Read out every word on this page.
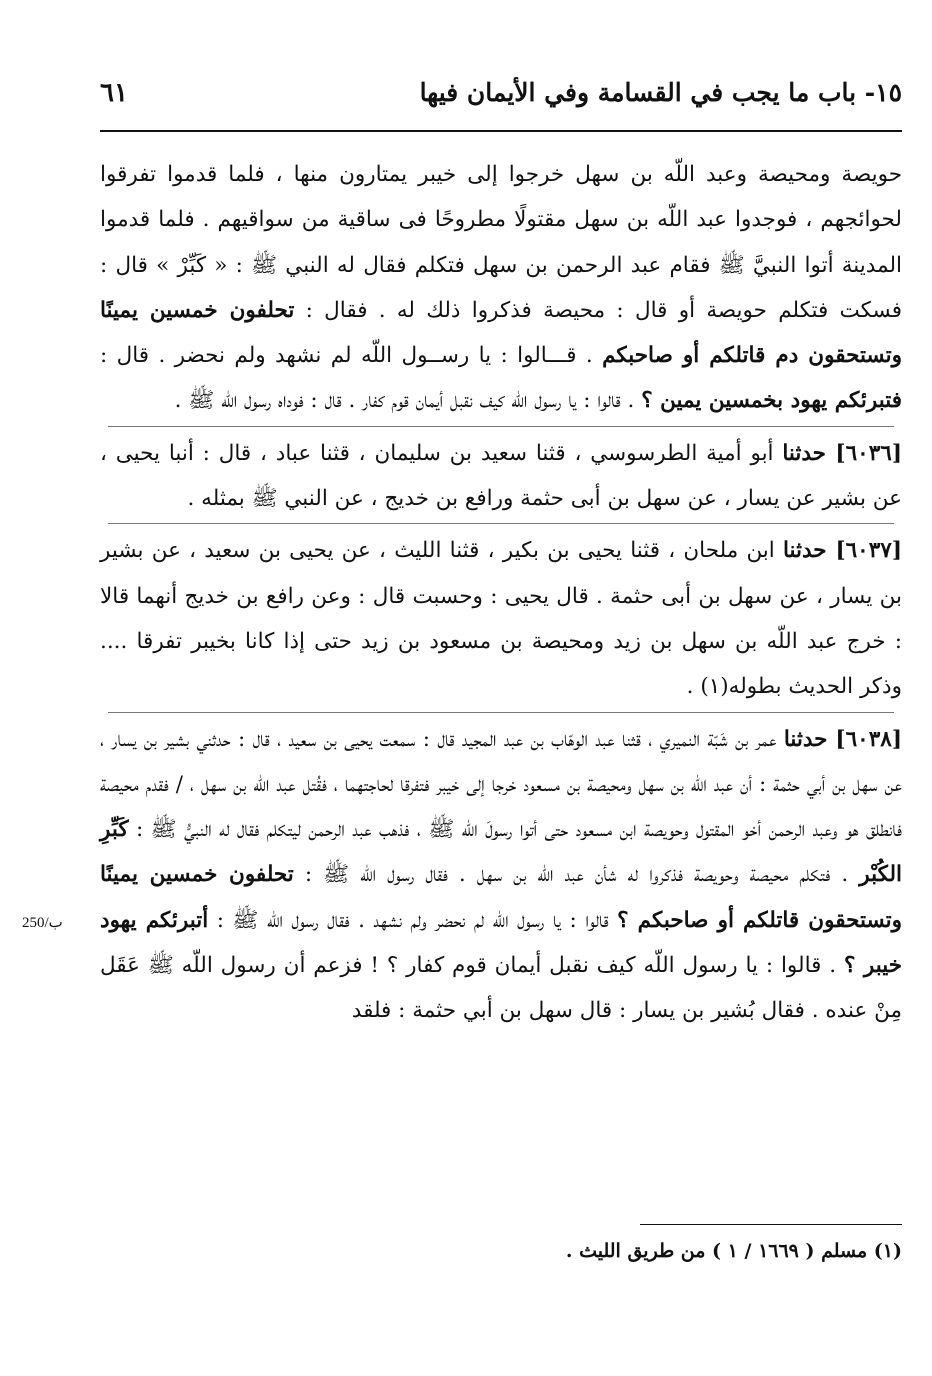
٦١	١٥- باب ما يجب في القسامة وفي الأيمان فيها

حويصة ومحيصة وعبد اللّه بن سهل خرجوا إلى خيبر يمتارون منها ، فلما قدموا تفرقوا لحوائجهم ، فوجدوا عبد اللّه بن سهل مقتولًا مطروحًا فى ساقية من سواقيهم . فلما قدموا المدينة أتوا النبيَّ ﷺ فقام عبد الرحمن بن سهل فتكلم فقال له النبي ﷺ : « كَبِّرْ » قال : فسكت فتكلم حويصة أو قال : محيصة فذكروا ذلك له . فقال : تحلفون خمسين يمينًا وتستحقون دم قاتلكم أو صاحبكم . قـــالوا : يا رســول اللّه لم نشهد ولم نحضر . قال : فتبرئكم يهود بخمسين يمين ؟ . قالوا : يا رسول اللّه كيف نقبل أيمان قوم كفار . قال : فوداه رسول اللّه ﷺ .

[٦٠٣٦] حدثنا أبو أمية الطرسوسي ، قثنا سعيد بن سليمان ، قثنا عباد ، قال : أنبا يحيى ، عن بشير عن يسار ، عن سهل بن أبى حثمة ورافع بن خديج ، عن النبي ﷺ بمثله .

[٦٠٣٧] حدثنا ابن ملحان ، قثنا يحيى بن بكير ، قثنا الليث ، عن يحيى بن سعيد ، عن بشير بن يسار ، عن سهل بن أبى حثمة . قال يحيى : وحسبت قال : وعن رافع بن خديج أنهما قالا : خرج عبد اللّه بن سهل بن زيد ومحيصة بن مسعود بن زيد حتى إذا كانا بخيبر تفرقا .... وذكر الحديث بطوله(١) .

[٦٠٣٨] حدثنا عمر بن شَبّة النميري ، قثنا عبد الوهّاب بن عبد المجيد قال : سمعت يحيى بن سعيد ، قال : حدثني بشير بن يسار ، عن سهل بن أبي حثمة : أن عبد اللّه بن سهل ومحيصة بن مسعود خرجا إلى خيبر فتفرقا لحاجتهما ، فقُتل عبد اللّه بن سهل ، / فقدم محيصة فانطلق هو وعبد الرحمن أخو المقتول وحويصة ابن مسعود حتى أتوا رسولَ اللّه ﷺ ، فذهب عبد الرحمن ليتكلم فقال له النبيُّ ﷺ : كَبِّرِ الكُبْر . فتكلم محيصة وحويصة فذكروا له شأن عبد اللّه بن سهل . فقال رسول اللّه ﷺ : تحلفون خمسين يمينًا وتستحقون قاتلكم أو صاحبكم ؟ قالوا : يا رسول اللّه لم نحضر ولم نشهد . فقال رسول اللّه ﷺ : أتبرئكم يهود خيبر ؟ . قالوا : يا رسول اللّه كيف نقبل أيمان قوم كفار ؟ ! فزعم أن رسول اللّه ﷺ عَقَل مِنْ عنده . فقال بُشير بن يسار : قال سهل بن أبي حثمة : فلقد

250/ب
(١) مسلم ( ١٦٦٩ / ١ ) من طريق الليث .
